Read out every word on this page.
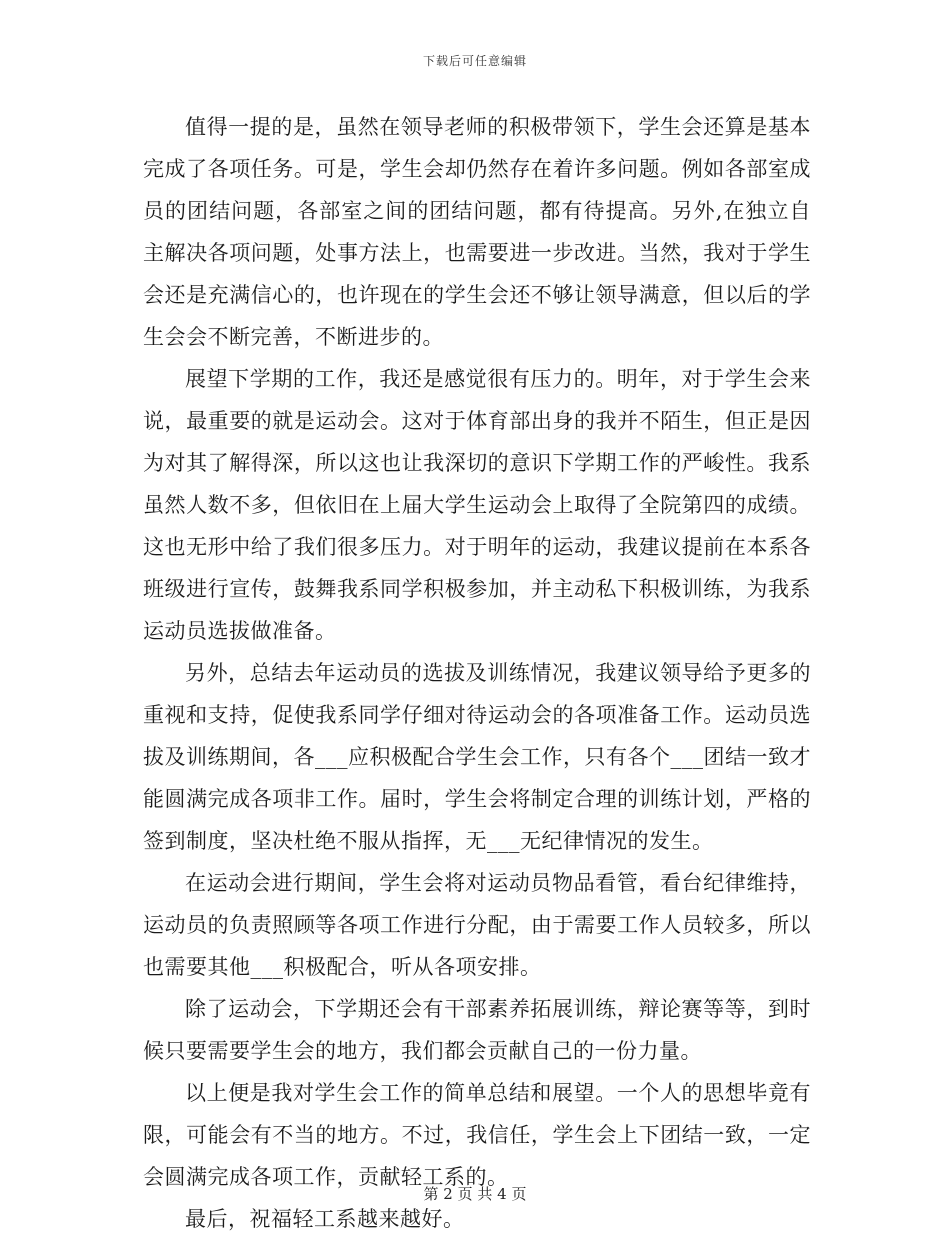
下载后可任意编辑

值得一提的是，虽然在领导老师的积极带领下，学生会还算是基本完成了各项任务。可是，学生会却仍然存在着许多问题。例如各部室成员的团结问题，各部室之间的团结问题，都有待提高。另外,在独立自主解决各项问题，处事方法上，也需要进一步改进。当然，我对于学生会还是充满信心的，也许现在的学生会还不够让领导满意，但以后的学生会会不断完善，不断进步的。

展望下学期的工作，我还是感觉很有压力的。明年，对于学生会来说，最重要的就是运动会。这对于体育部出身的我并不陌生，但正是因为对其了解得深，所以这也让我深切的意识下学期工作的严峻性。我系虽然人数不多，但依旧在上届大学生运动会上取得了全院第四的成绩。这也无形中给了我们很多压力。对于明年的运动，我建议提前在本系各班级进行宣传，鼓舞我系同学积极参加，并主动私下积极训练，为我系运动员选拔做准备。

另外，总结去年运动员的选拔及训练情况，我建议领导给予更多的重视和支持，促使我系同学仔细对待运动会的各项准备工作。运动员选拔及训练期间，各___应积极配合学生会工作，只有各个___团结一致才能圆满完成各项非工作。届时，学生会将制定合理的训练计划，严格的签到制度，坚决杜绝不服从指挥，无___无纪律情况的发生。

在运动会进行期间，学生会将对运动员物品看管，看台纪律维持，运动员的负责照顾等各项工作进行分配，由于需要工作人员较多，所以也需要其他___积极配合，听从各项安排。

除了运动会，下学期还会有干部素养拓展训练，辩论赛等等，到时候只要需要学生会的地方，我们都会贡献自己的一份力量。

以上便是我对学生会工作的简单总结和展望。一个人的思想毕竟有限，可能会有不当的地方。不过，我信任，学生会上下团结一致，一定会圆满完成各项工作，贡献轻工系的。

最后，祝福轻工系越来越好。

第 2 页 共 4 页
